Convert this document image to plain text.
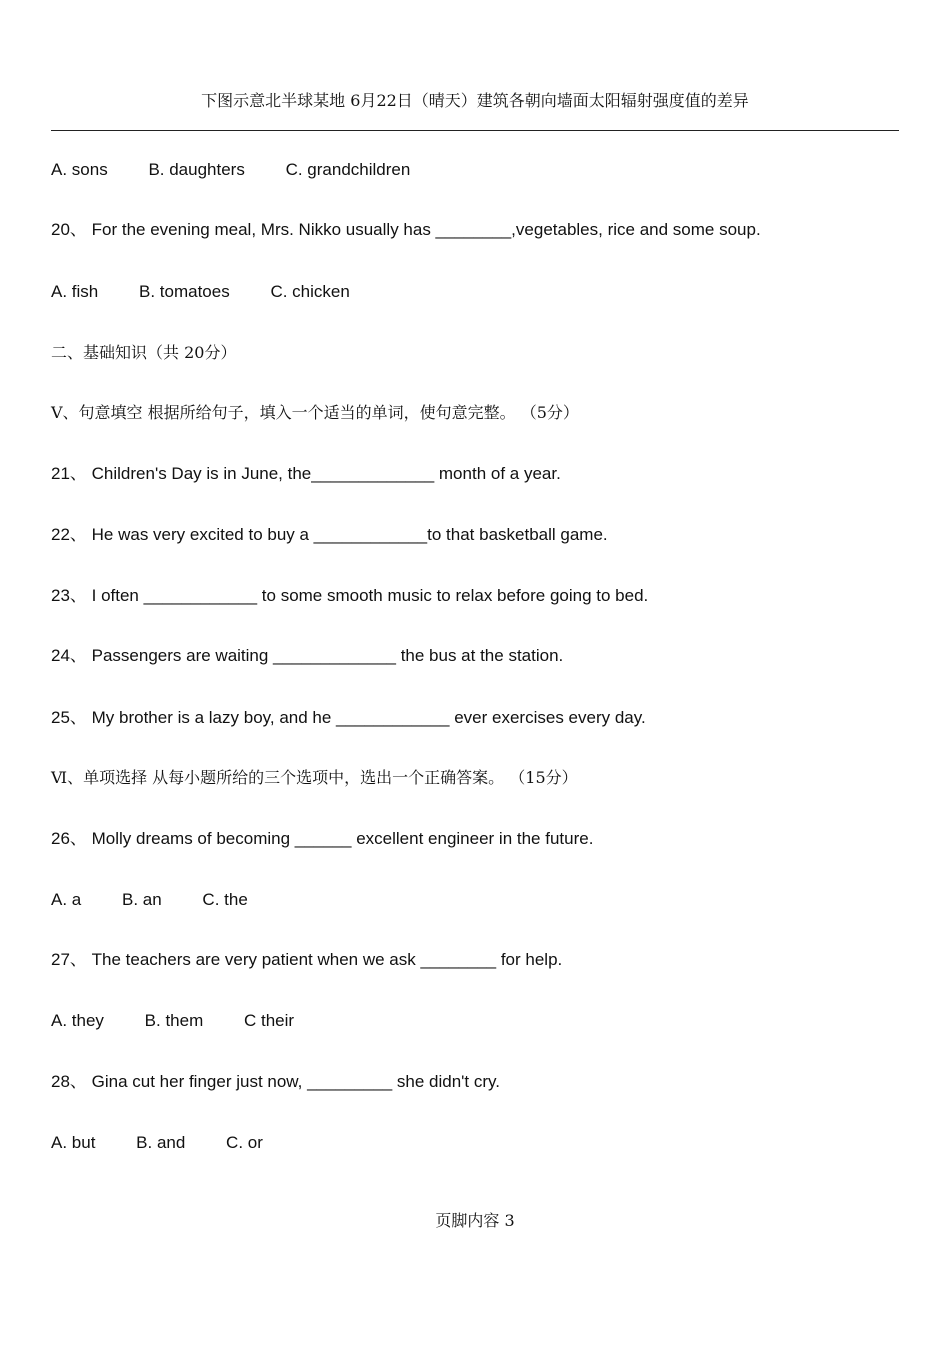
下图示意北半球某地 6月22日（晴天）建筑各朝向墙面太阳辐射强度值的差异
A. sons B. daughters C. grandchildren
20、 For the evening meal, Mrs. Nikko usually has ________,vegetables, rice and some soup.
A. fish B. tomatoes C. chicken
二、基础知识（共 20分）
Ⅴ、句意填空 根据所给句子，填入一个适当的单词，使句意完整。 （5分）
21、 Children's Day is in June, the_____________ month of a year.
22、 He was very excited to buy a ____________to that basketball game.
23、 I often ____________ to some smooth music to relax before going to bed.
24、 Passengers are waiting _____________ the bus at the station.
25、 My brother is a lazy boy, and he ____________ ever exercises every day.
Ⅵ、单项选择 从每小题所给的三个选项中，选出一个正确答案。 （15分）
26、 Molly dreams of becoming ______ excellent engineer in the future.
A. a B. an C. the
27、 The teachers are very patient when we ask ________ for help.
A. they B. them C their
28、 Gina cut her finger just now, _________ she didn't cry.
A. but B. and C. or
页脚内容 3
